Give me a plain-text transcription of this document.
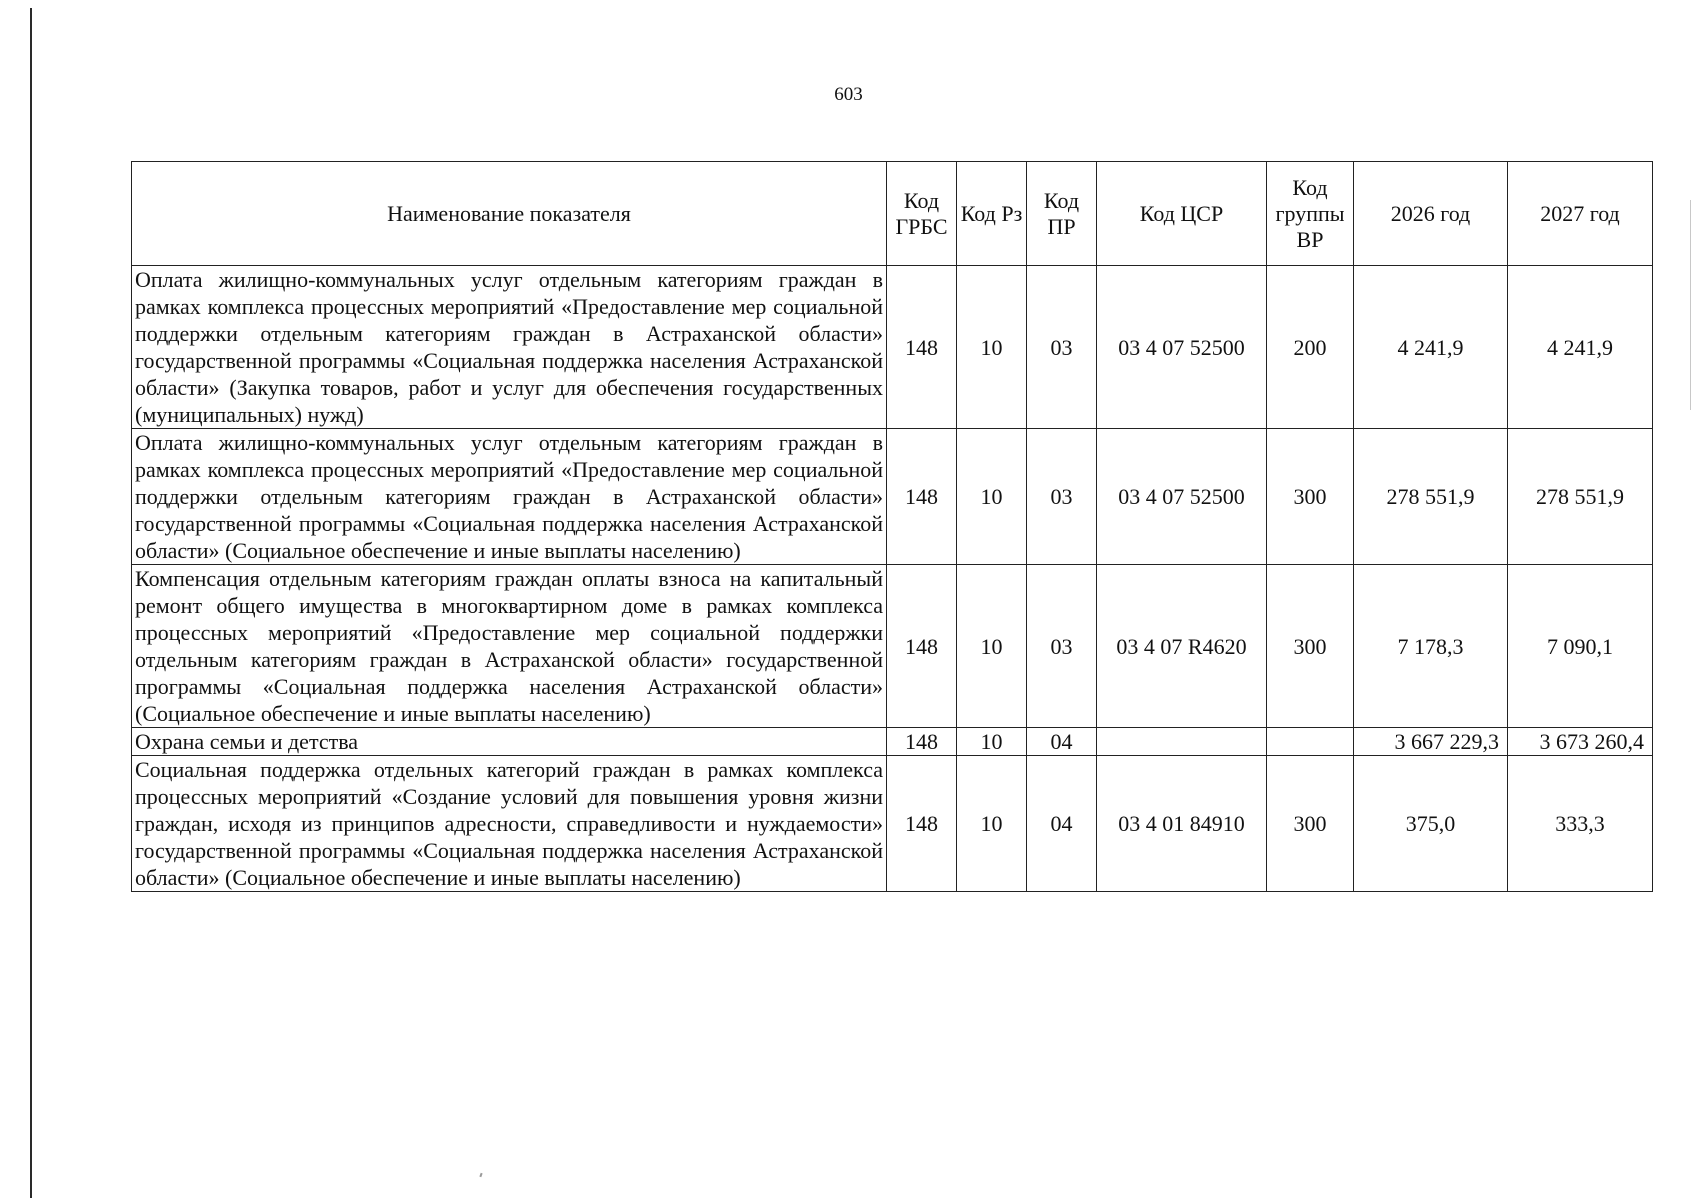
603
Наименование показателя	Код ГРБС	Код Рз	Код ПР	Код ЦСР	Код группы ВР	2026 год	2027 год
Оплата жилищно-коммунальных услуг отдельным категориям граждан в рамках комплекса процессных мероприятий «Предоставление мер социальной поддержки отдельным категориям граждан в Астраханской области» государственной программы «Социальная поддержка населения Астраханской области» (Закупка товаров, работ и услуг для обеспечения государственных (муниципальных) нужд)	148	10	03	03 4 07 52500	200	4 241,9	4 241,9
Оплата жилищно-коммунальных услуг отдельным категориям граждан в рамках комплекса процессных мероприятий «Предоставление мер социальной поддержки отдельным категориям граждан в Астраханской области» государственной программы «Социальная поддержка населения Астраханской области» (Социальное обеспечение и иные выплаты населению)	148	10	03	03 4 07 52500	300	278 551,9	278 551,9
Компенсация отдельным категориям граждан оплаты взноса на капитальный ремонт общего имущества в многоквартирном доме в рамках комплекса процессных мероприятий «Предоставление мер социальной поддержки отдельным категориям граждан в Астраханской области» государственной программы «Социальная поддержка населения Астраханской области» (Социальное обеспечение и иные выплаты населению)	148	10	03	03 4 07 R4620	300	7 178,3	7 090,1
Охрана семьи и детства	148	10	04			3 667 229,3	3 673 260,4
Социальная поддержка отдельных категорий граждан в рамках комплекса процессных мероприятий «Создание условий для повышения уровня жизни граждан, исходя из принципов адресности, справедливости и нуждаемости» государственной программы «Социальная поддержка населения Астраханской области» (Социальное обеспечение и иные выплаты населению)	148	10	04	03 4 01 84910	300	375,0	333,3
